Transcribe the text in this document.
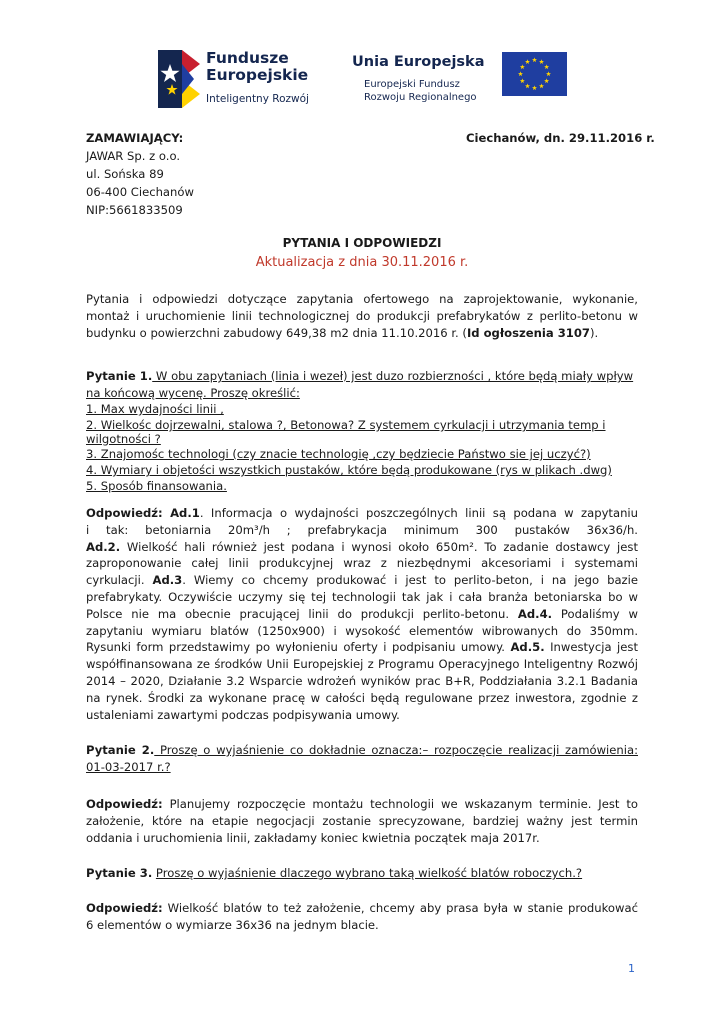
Fundusze
Europejskie
Inteligentny Rozwój
Unia Europejska
Europejski Fundusz
Rozwoju Regionalnego
ZAMAWIAJĄCY:	Ciechanów, dn. 29.11.2016 r.
JAWAR Sp. z o.o.
ul. Sońska 89
06-400 Ciechanów
NIP:5661833509
PYTANIA I ODPOWIEDZI
Aktualizacja z dnia 30.11.2016 r.
Pytania i odpowiedzi dotyczące zapytania ofertowego na zaprojektowanie, wykonanie,
montaż i uruchomienie linii technologicznej do produkcji prefabrykatów z perlito-betonu w
budynku o powierzchni zabudowy 649,38 m2 dnia 11.10.2016 r. (Id ogłoszenia 3107).
Pytanie 1. W obu zapytaniach (linia i wezeł) jest duzo rozbierzności , które będą miały wpływ
na końcową wycenę. Proszę określić:
1. Max wydajności linii ,
2. Wielkośc dojrzewalni, stalowa ?, Betonowa? Z systemem cyrkulacji i utrzymania temp i
wilgotności ?
3. Znajomośc technologi (czy znacie technologię ,czy będziecie Państwo sie jej uczyć?)
4. Wymiary i objetości wszystkich pustaków, które będą produkowane (rys w plikach .dwg)
5. Sposób finansowania.
Odpowiedź: Ad.1. Informacja o wydajności poszczególnych linii są podana w zapytaniu
i tak: betoniarnia 20m³/h ; prefabrykacja minimum 300 pustaków 36x36/h.
Ad.2. Wielkość hali również jest podana i wynosi około 650m². To zadanie dostawcy jest
zaproponowanie całej linii produkcyjnej wraz z niezbędnymi akcesoriami i systemami
cyrkulacji. Ad.3. Wiemy co chcemy produkować i jest to perlito-beton, i na jego bazie
prefabrykaty. Oczywiście uczymy się tej technologii tak jak i cała branża betoniarska bo w
Polsce nie ma obecnie pracującej linii do produkcji perlito-betonu. Ad.4. Podaliśmy w
zapytaniu wymiaru blatów (1250x900) i wysokość elementów wibrowanych do 350mm.
Rysunki form przedstawimy po wyłonieniu oferty i podpisaniu umowy. Ad.5. Inwestycja jest
współfinansowana ze środków Unii Europejskiej z Programu Operacyjnego Inteligentny Rozwój
2014 – 2020, Działanie 3.2 Wsparcie wdrożeń wyników prac B+R, Poddziałania 3.2.1 Badania
na rynek. Środki za wykonane pracę w całości będą regulowane przez inwestora, zgodnie z
ustaleniami zawartymi podczas podpisywania umowy.
Pytanie 2. Proszę o wyjaśnienie co dokładnie oznacza:– rozpoczęcie realizacji zamówienia:
01-03-2017 r.?
Odpowiedź: Planujemy rozpoczęcie montażu technologii we wskazanym terminie. Jest to
założenie, które na etapie negocjacji zostanie sprecyzowane, bardziej ważny jest termin
oddania i uruchomienia linii, zakładamy koniec kwietnia początek maja 2017r.
Pytanie 3. Proszę o wyjaśnienie dlaczego wybrano taką wielkość blatów roboczych.?
Odpowiedź: Wielkość blatów to też założenie, chcemy aby prasa była w stanie produkować
6 elementów o wymiarze 36x36 na jednym blacie.
1
